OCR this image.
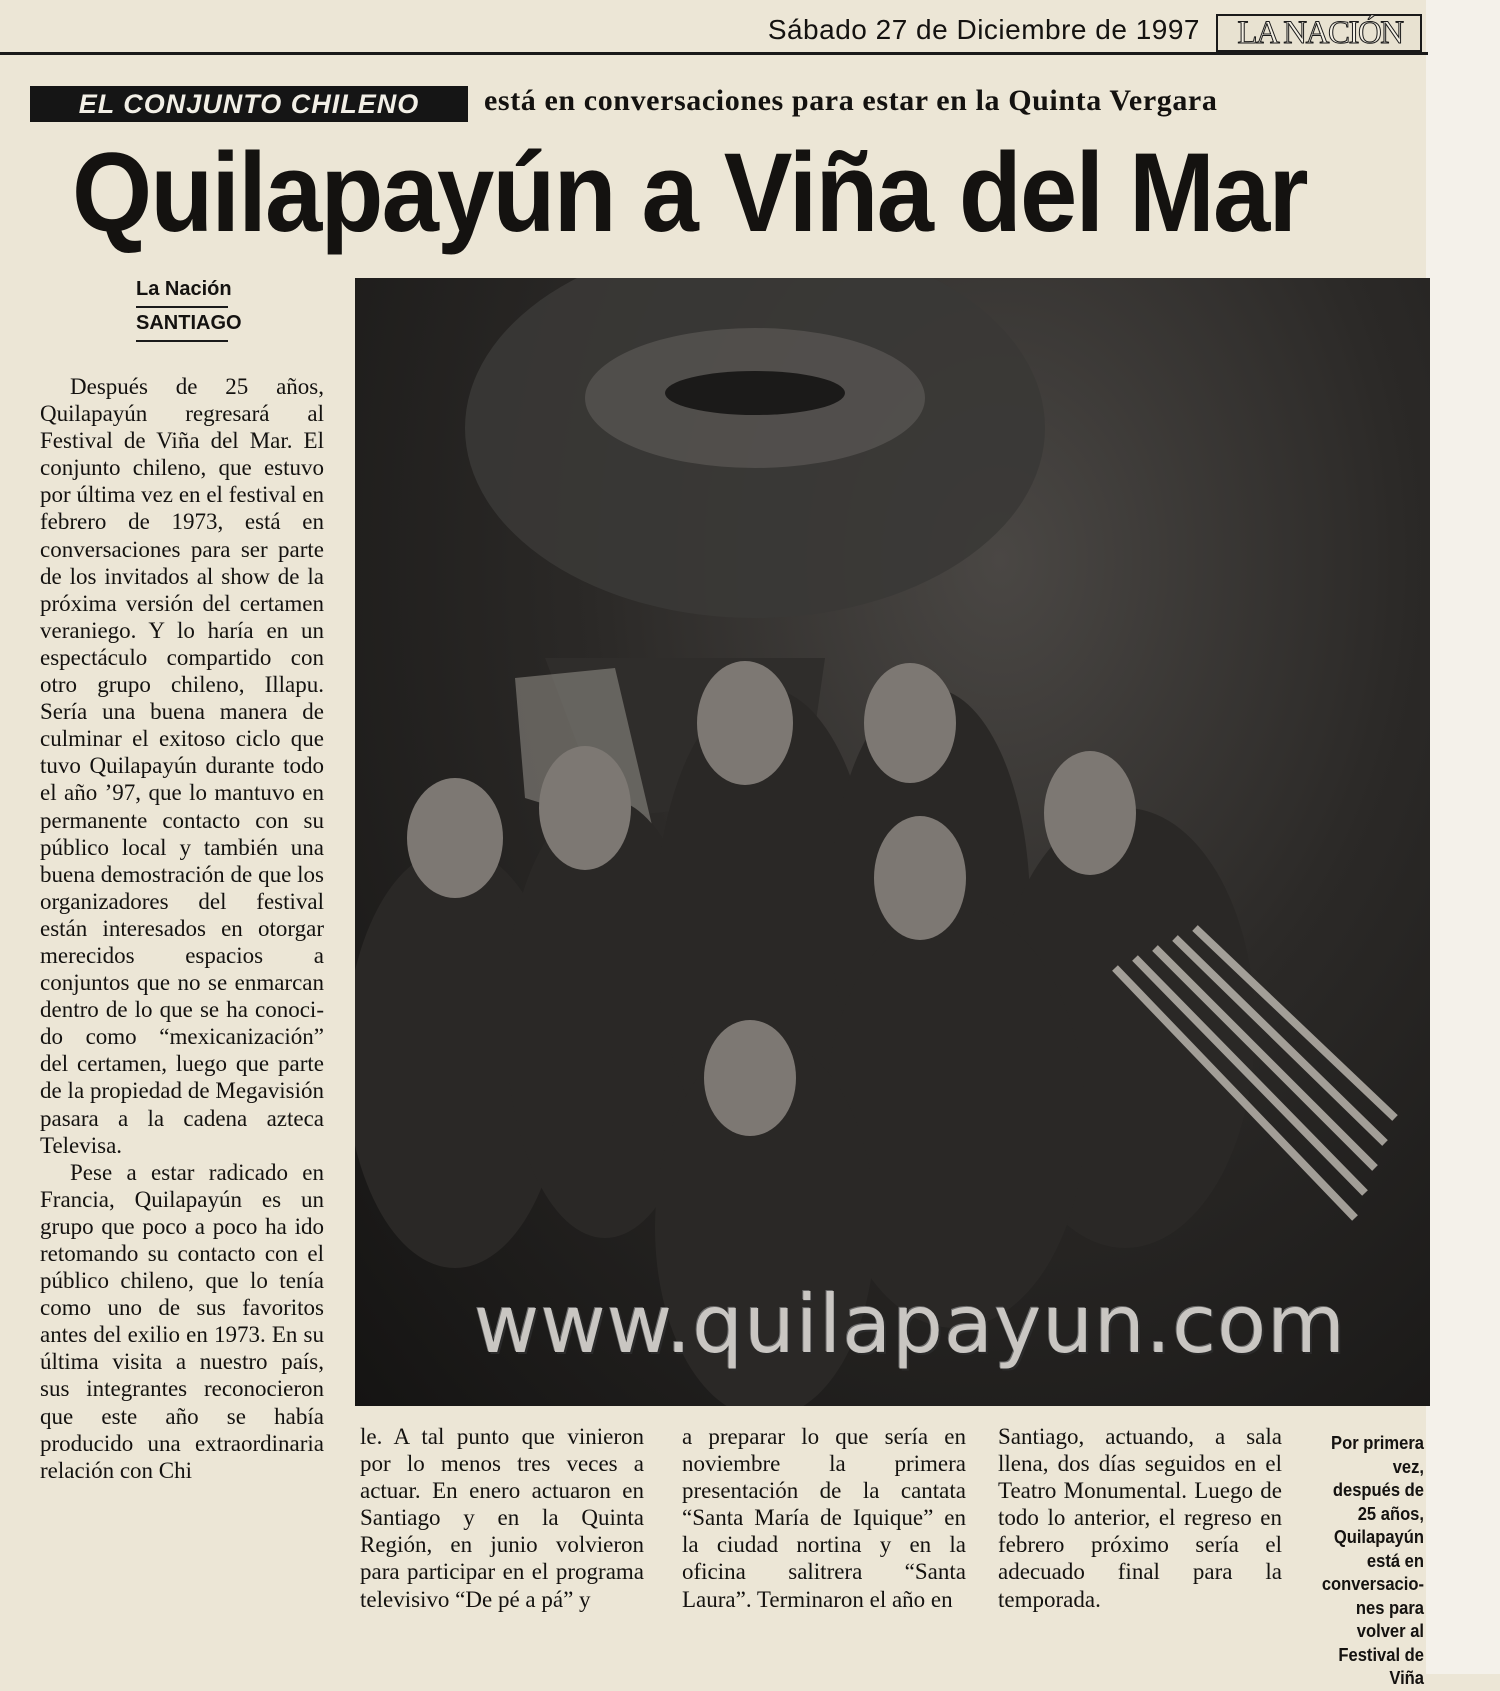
Sábado 27 de Diciembre de 1997	LA NACIÓN
EL CONJUNTO CHILENO está en conversaciones para estar en la Quinta Vergara
Quilapayún a Viña del Mar
La Nación
SANTIAGO

Después de 25 años, Quilapayún regresará al Festival de Viña del Mar. El conjunto chileno, que estuvo por última vez en el festival en febrero de 1973, está en conversaciones para ser parte de los invitados al show de la próxima versión del certamen veraniego. Y lo haría en un espectáculo compartido con otro grupo chileno, Illapu. Sería una buena manera de culminar el exitoso ciclo que tuvo Quilapayún durante todo el año ’97, que lo mantuvo en permanente contacto con su público local y también una buena demostración de que los organizadores del festival están interesados en otorgar merecidos espacios a conjuntos que no se enmarcan dentro de lo que se ha conocido como “mexicanización” del certamen, luego que parte de la propiedad de Megavisión pasara a la cadena azteca Televisa.

Pese a estar radicado en Francia, Quilapayún es un grupo que poco a poco ha ido retomando su contacto con el público chileno, que lo tenía como uno de sus favoritos antes del exilio en 1973. En su última visita a nuestro país, sus integrantes reconocieron que este año se había producido una extraordinaria relación con Chi

www.quilapayun.com

le. A tal punto que vinieron por lo menos tres veces a actuar. En enero actuaron en Santiago y en la Quinta Región, en junio volvieron para participar en el programa televisivo “De pé a pá” y

a preparar lo que sería en noviembre la primera presentación de la cantata “Santa María de Iquique” en la ciudad nortina y en la oficina salitrera “Santa Laura”. Terminaron el año en

Santiago, actuando, a sala llena, dos días seguidos en el Teatro Monumental. Luego de todo lo anterior, el regreso en febrero próximo sería el adecuado final para la temporada.

Por primera vez, después de 25 años, Quilapayún está en conversaciones para volver al Festival de Viña
